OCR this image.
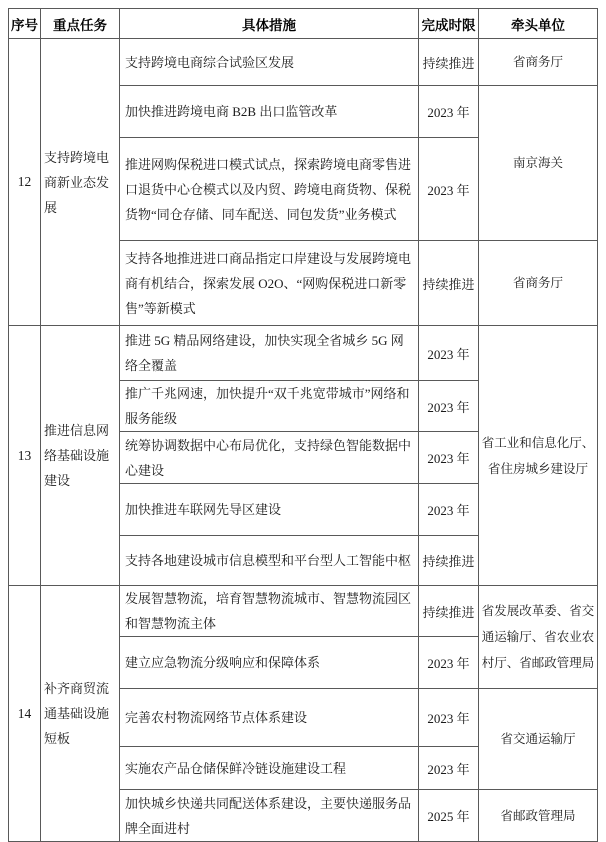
序号	重点任务	具体措施	完成时限	牵头单位
12	支持跨境电商新业态发展	支持跨境电商综合试验区发展	持续推进	省商务厅
		加快推进跨境电商 B2B 出口监管改革	2023 年	南京海关
		推进网购保税进口模式试点，探索跨境电商零售进口退货中心仓模式以及内贸、跨境电商货物、保税货物“同仓存储、同车配送、同包发货”业务模式	2023 年	
		支持各地推进进口商品指定口岸建设与发展跨境电商有机结合，探索发展 O2O、“网购保税进口新零售”等新模式	持续推进	省商务厅
13	推进信息网络基础设施建设	推进 5G 精品网络建设，加快实现全省城乡 5G 网络全覆盖	2023 年	省工业和信息化厅、省住房城乡建设厅
		推广千兆网速，加快提升“双千兆宽带城市”网络和服务能级	2023 年	
		统筹协调数据中心布局优化，支持绿色智能数据中心建设	2023 年	
		加快推进车联网先导区建设	2023 年	
		支持各地建设城市信息模型和平台型人工智能中枢	持续推进	
14	补齐商贸流通基础设施短板	发展智慧物流，培育智慧物流城市、智慧物流园区和智慧物流主体	持续推进	省发展改革委、省交通运输厅、省农业农村厅、省邮政管理局
		建立应急物流分级响应和保障体系	2023 年	
		完善农村物流网络节点体系建设	2023 年	省交通运输厅
		实施农产品仓储保鲜冷链设施建设工程	2023 年	
		加快城乡快递共同配送体系建设，主要快递服务品牌全面进村	2025 年	省邮政管理局
